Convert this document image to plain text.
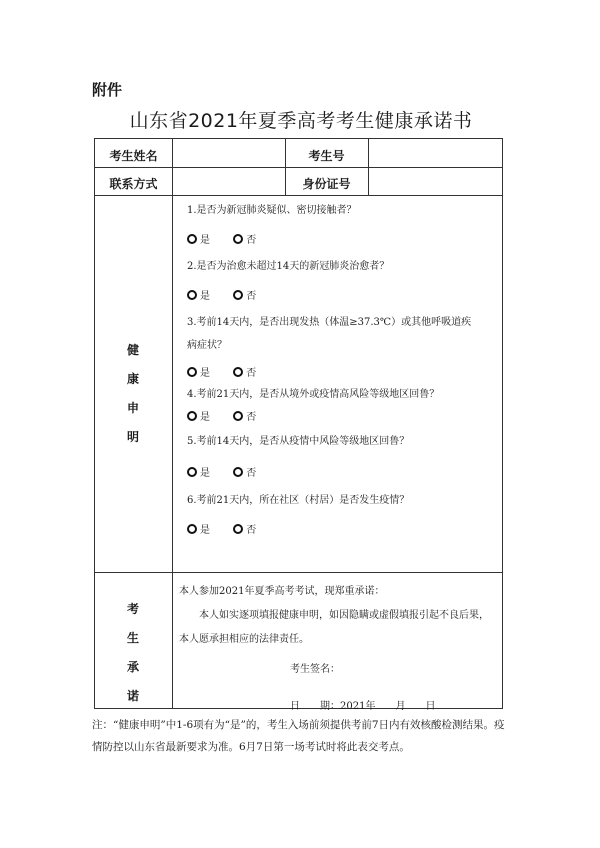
附件
山东省2021年夏季高考考生健康承诺书
考生姓名	考生号
联系方式	身份证号
健
康
申
明
1.是否为新冠肺炎疑似、密切接触者？
是
	否
2.是否为治愈未超过14天的新冠肺炎治愈者？
是
	否
3.考前14天内，是否出现发热（体温≥37.3℃）或其他呼吸道疾病症状？
是
	否
4.考前21天内，是否从境外或疫情高风险等级地区回鲁？
是
	否
5.考前14天内，是否从疫情中风险等级地区回鲁？
是
	否
6.考前21天内，所在社区（村居）是否发生疫情？
是
	否
考
生
承
诺
本人参加2021年夏季高考考试，现郑重承诺：
本人如实逐项填报健康申明，如因隐瞒或虚假填报引起不良后果，
本人愿承担相应的法律责任。
考生签名：
日　　期：2021年　　月　　日
注：“健康申明”中1-6项有为“是”的，考生入场前须提供考前7日内有效核酸检测结果。疫情防控以山东省最新要求为准。6月7日第一场考试时将此表交考点。
